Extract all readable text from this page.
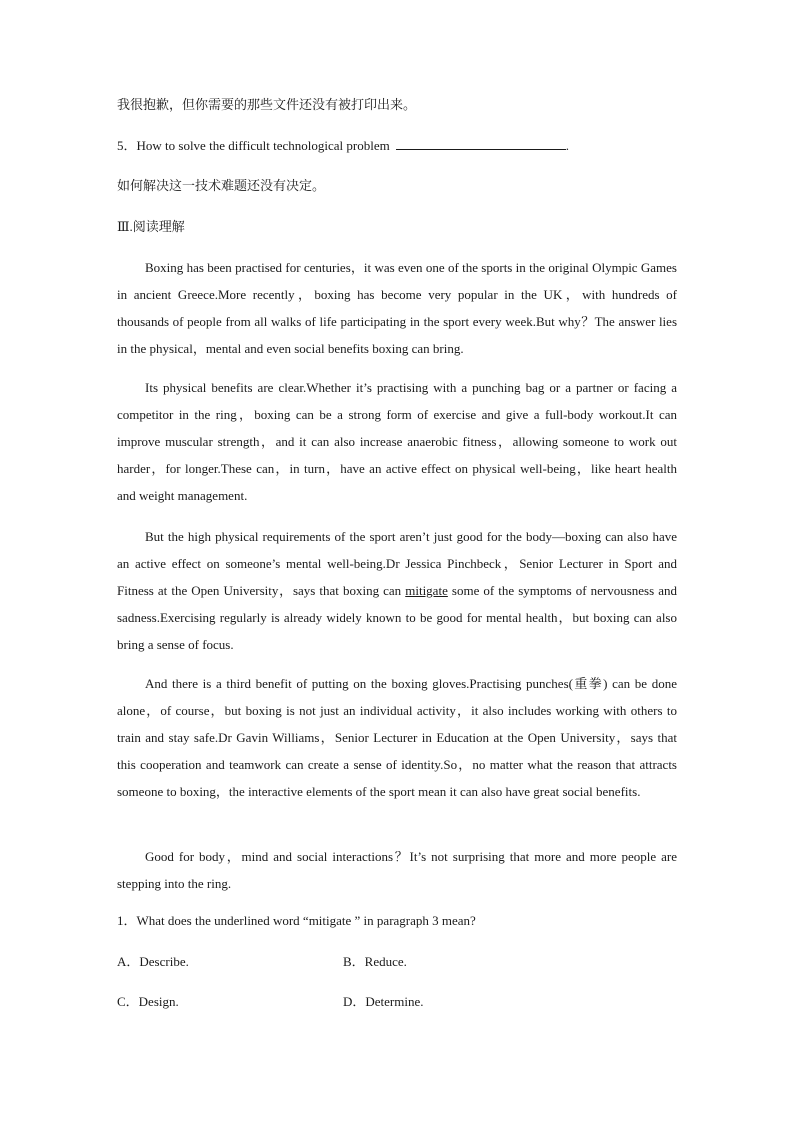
我很抱歉，但你需要的那些文件还没有被打印出来。
5．How to solve the difficult technological problem	.
如何解决这一技术难题还没有决定。
Ⅲ.阅读理解

Boxing has been practised for centuries，it was even one of the sports in the original Olympic Games in ancient Greece.More recently，boxing has become very popular in the UK，with hundreds of thousands of people from all walks of life participating in the sport every week.But why？The answer lies in the physical，mental and even social benefits boxing can bring.

Its physical benefits are clear.Whether it’s practising with a punching bag or a partner or facing a competitor in the ring，boxing can be a strong form of exercise and give a full-body workout.It can improve muscular strength，and it can also increase anaerobic fitness，allowing someone to work out harder，for longer.These can，in turn，have an active effect on physical well-being，like heart health and weight management.

But the high physical requirements of the sport aren’t just good for the body—boxing can also have an active effect on someone’s mental well-being.Dr Jessica Pinchbeck，Senior Lecturer in Sport and Fitness at the Open University，says that boxing can mitigate some of the symptoms of nervousness and sadness.Exercising regularly is already widely known to be good for mental health，but boxing can also bring a sense of focus.

And there is a third benefit of putting on the boxing gloves.Practising punches(重拳) can be done alone，of course，but boxing is not just an individual activity，it also includes working with others to train and stay safe.Dr Gavin Williams，Senior Lecturer in Education at the Open University，says that this cooperation and teamwork can create a sense of identity.So，no matter what the reason that attracts someone to boxing，the interactive elements of the sport mean it can also have great social benefits.

Good for body，mind and social interactions？It’s not surprising that more and more people are stepping into the ring.

1．What does the underlined word “mitigate ” in paragraph 3 mean?
A．Describe.	B．Reduce.
C．Design.	D．Determine.
